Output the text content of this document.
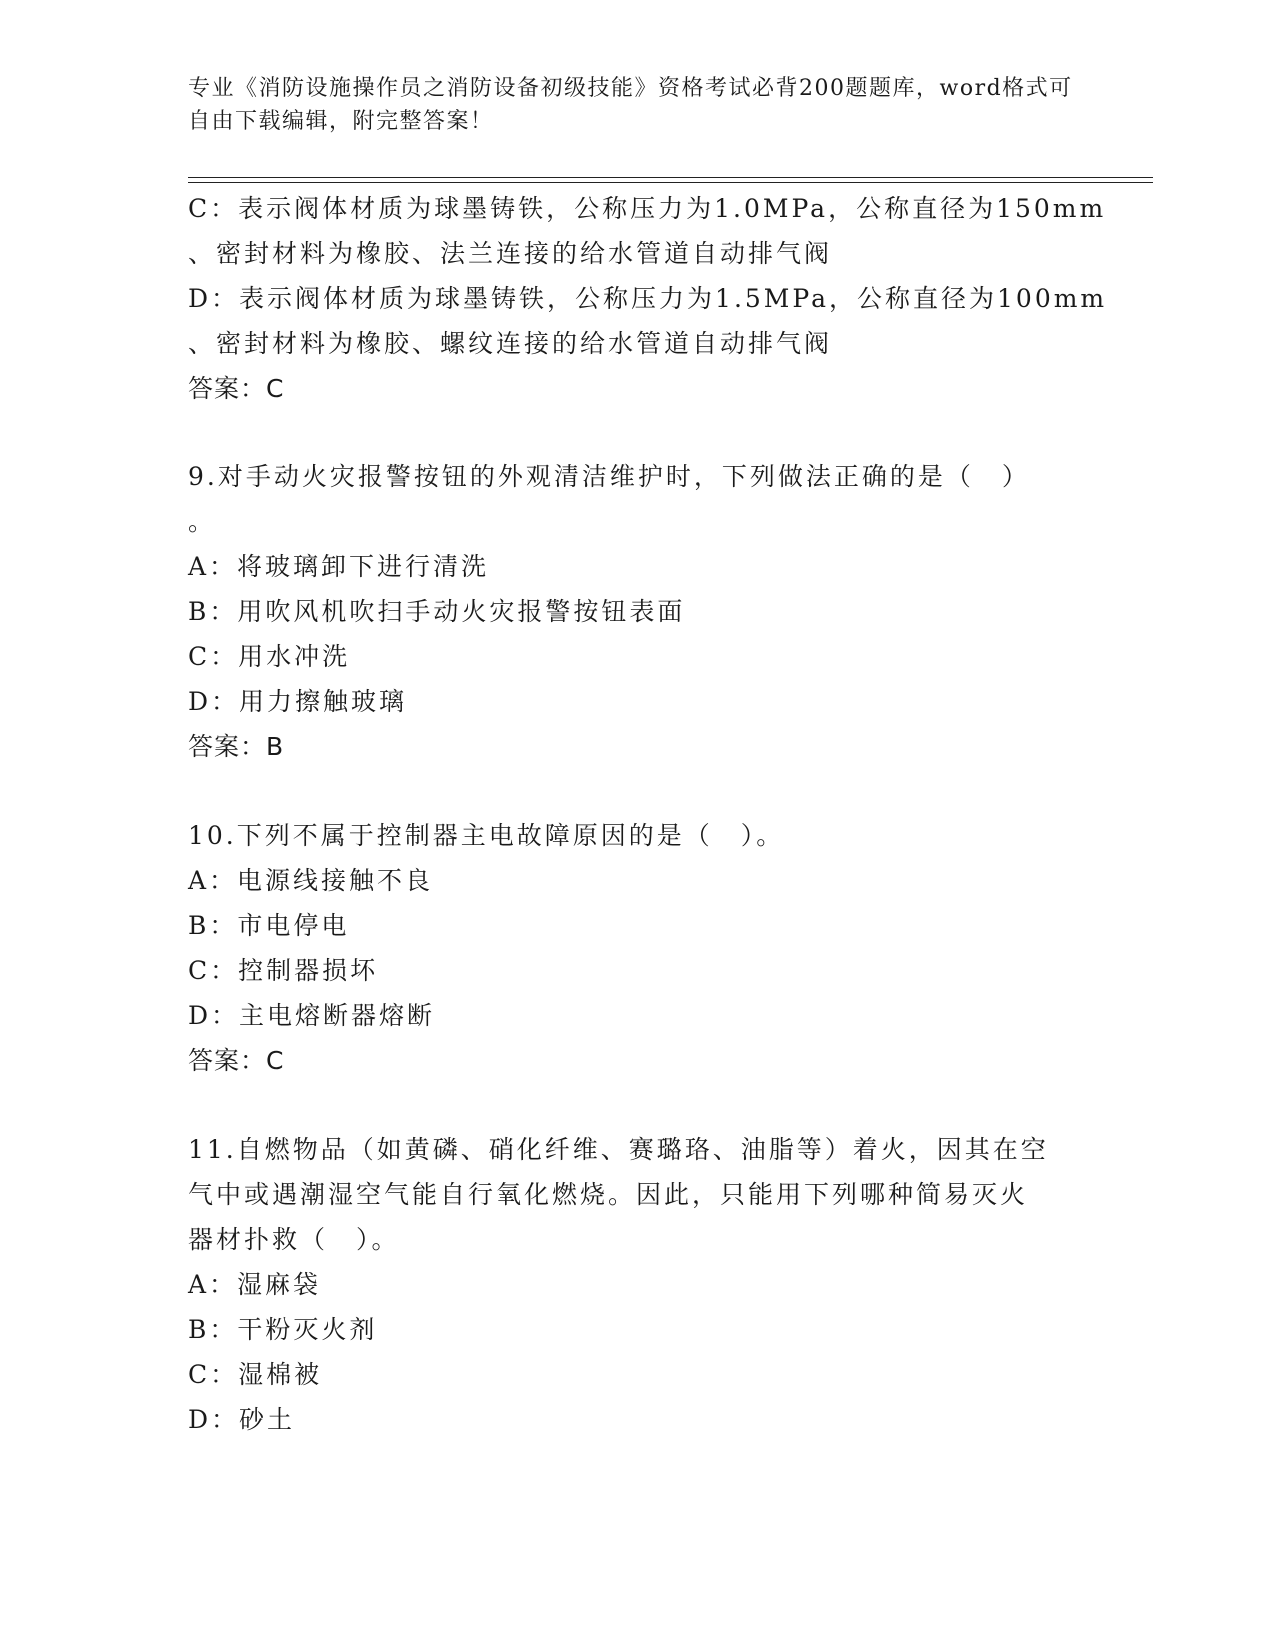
专业《消防设施操作员之消防设备初级技能》资格考试必背200题题库，word格式可自由下载编辑，附完整答案！
C：表示阀体材质为球墨铸铁，公称压力为1.0MPa，公称直径为150mm
、密封材料为橡胶、法兰连接的给水管道自动排气阀
D：表示阀体材质为球墨铸铁，公称压力为1.5MPa，公称直径为100mm
、密封材料为橡胶、螺纹连接的给水管道自动排气阀
答案：C
9.对手动火灾报警按钮的外观清洁维护时，下列做法正确的是（　）
。
A：将玻璃卸下进行清洗
B：用吹风机吹扫手动火灾报警按钮表面
C：用水冲洗
D：用力擦触玻璃
答案：B
10.下列不属于控制器主电故障原因的是（　）。
A：电源线接触不良
B：市电停电
C：控制器损坏
D：主电熔断器熔断
答案：C
11.自燃物品（如黄磷、硝化纤维、赛璐珞、油脂等）着火，因其在空
气中或遇潮湿空气能自行氧化燃烧。因此，只能用下列哪种简易灭火
器材扑救（　）。
A：湿麻袋
B：干粉灭火剂
C：湿棉被
D：砂土
